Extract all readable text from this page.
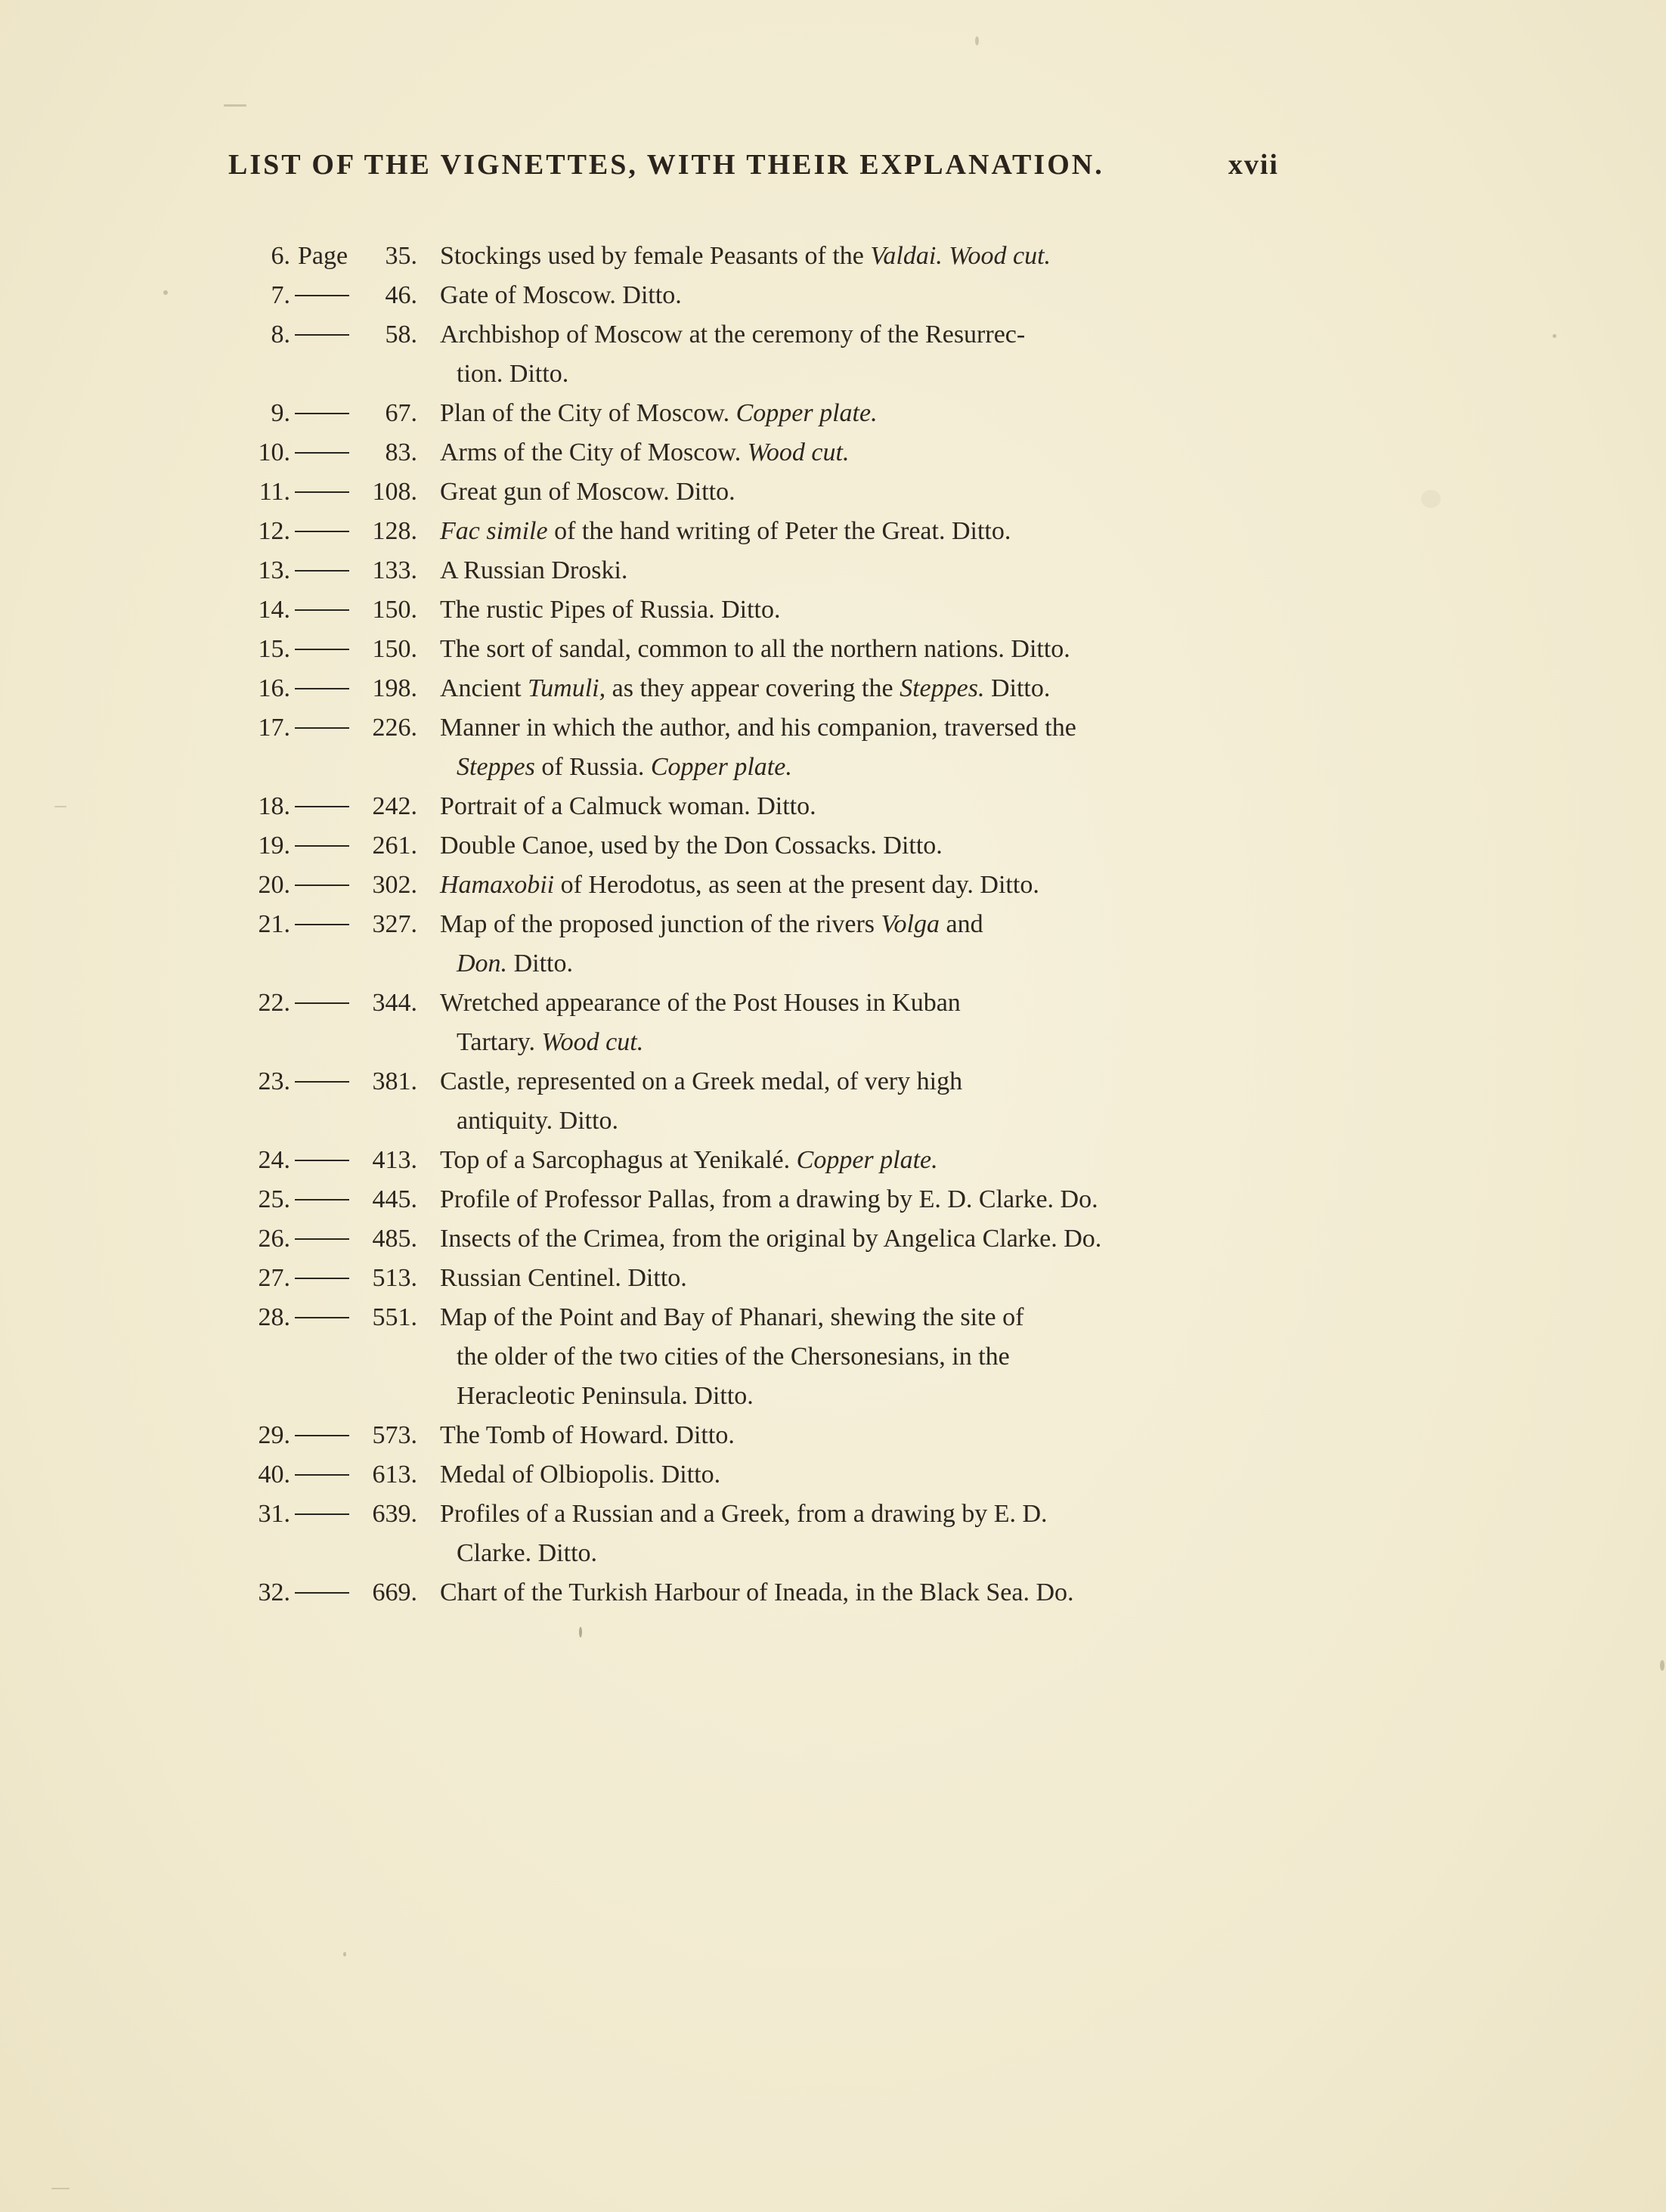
LIST OF THE VIGNETTES, WITH THEIR EXPLANATION.	xvii
6. Page	35. Stockings used by female Peasants of the Valdai. Wood cut.
7.	46. Gate of Moscow. Ditto.
8.	58. Archbishop of Moscow at the ceremony of the Resurrec-
tion. Ditto.
9.	67. Plan of the City of Moscow. Copper plate.
10.	83. Arms of the City of Moscow. Wood cut.
11.	108. Great gun of Moscow. Ditto.
12.	128. Fac simile of the hand writing of Peter the Great. Ditto.
13.	133. A Russian Droski.
14.	150. The rustic Pipes of Russia. Ditto.
15.	150. The sort of sandal, common to all the northern nations. Ditto.
16.	198. Ancient Tumuli, as they appear covering the Steppes. Ditto.
17.	226. Manner in which the author, and his companion, traversed the
Steppes of Russia. Copper plate.
18.	242. Portrait of a Calmuck woman. Ditto.
19.	261. Double Canoe, used by the Don Cossacks. Ditto.
20.	302. Hamaxobii of Herodotus, as seen at the present day. Ditto.
21.	327. Map of the proposed junction of the rivers Volga and
Don. Ditto.
22.	344. Wretched appearance of the Post Houses in Kuban
Tartary. Wood cut.
23.	381. Castle, represented on a Greek medal, of very high
antiquity. Ditto.
24.	413. Top of a Sarcophagus at Yenikalé. Copper plate.
25.	445. Profile of Professor Pallas, from a drawing by E. D. Clarke. Do.
26.	485. Insects of the Crimea, from the original by Angelica Clarke. Do.
27.	513. Russian Centinel. Ditto.
28.	551. Map of the Point and Bay of Phanari, shewing the site of
the older of the two cities of the Chersonesians, in the
Heracleotic Peninsula. Ditto.
29.	573. The Tomb of Howard. Ditto.
40.	613. Medal of Olbiopolis. Ditto.
31.	639. Profiles of a Russian and a Greek, from a drawing by E. D.
Clarke. Ditto.
32.	669. Chart of the Turkish Harbour of Ineada, in the Black Sea. Do.
